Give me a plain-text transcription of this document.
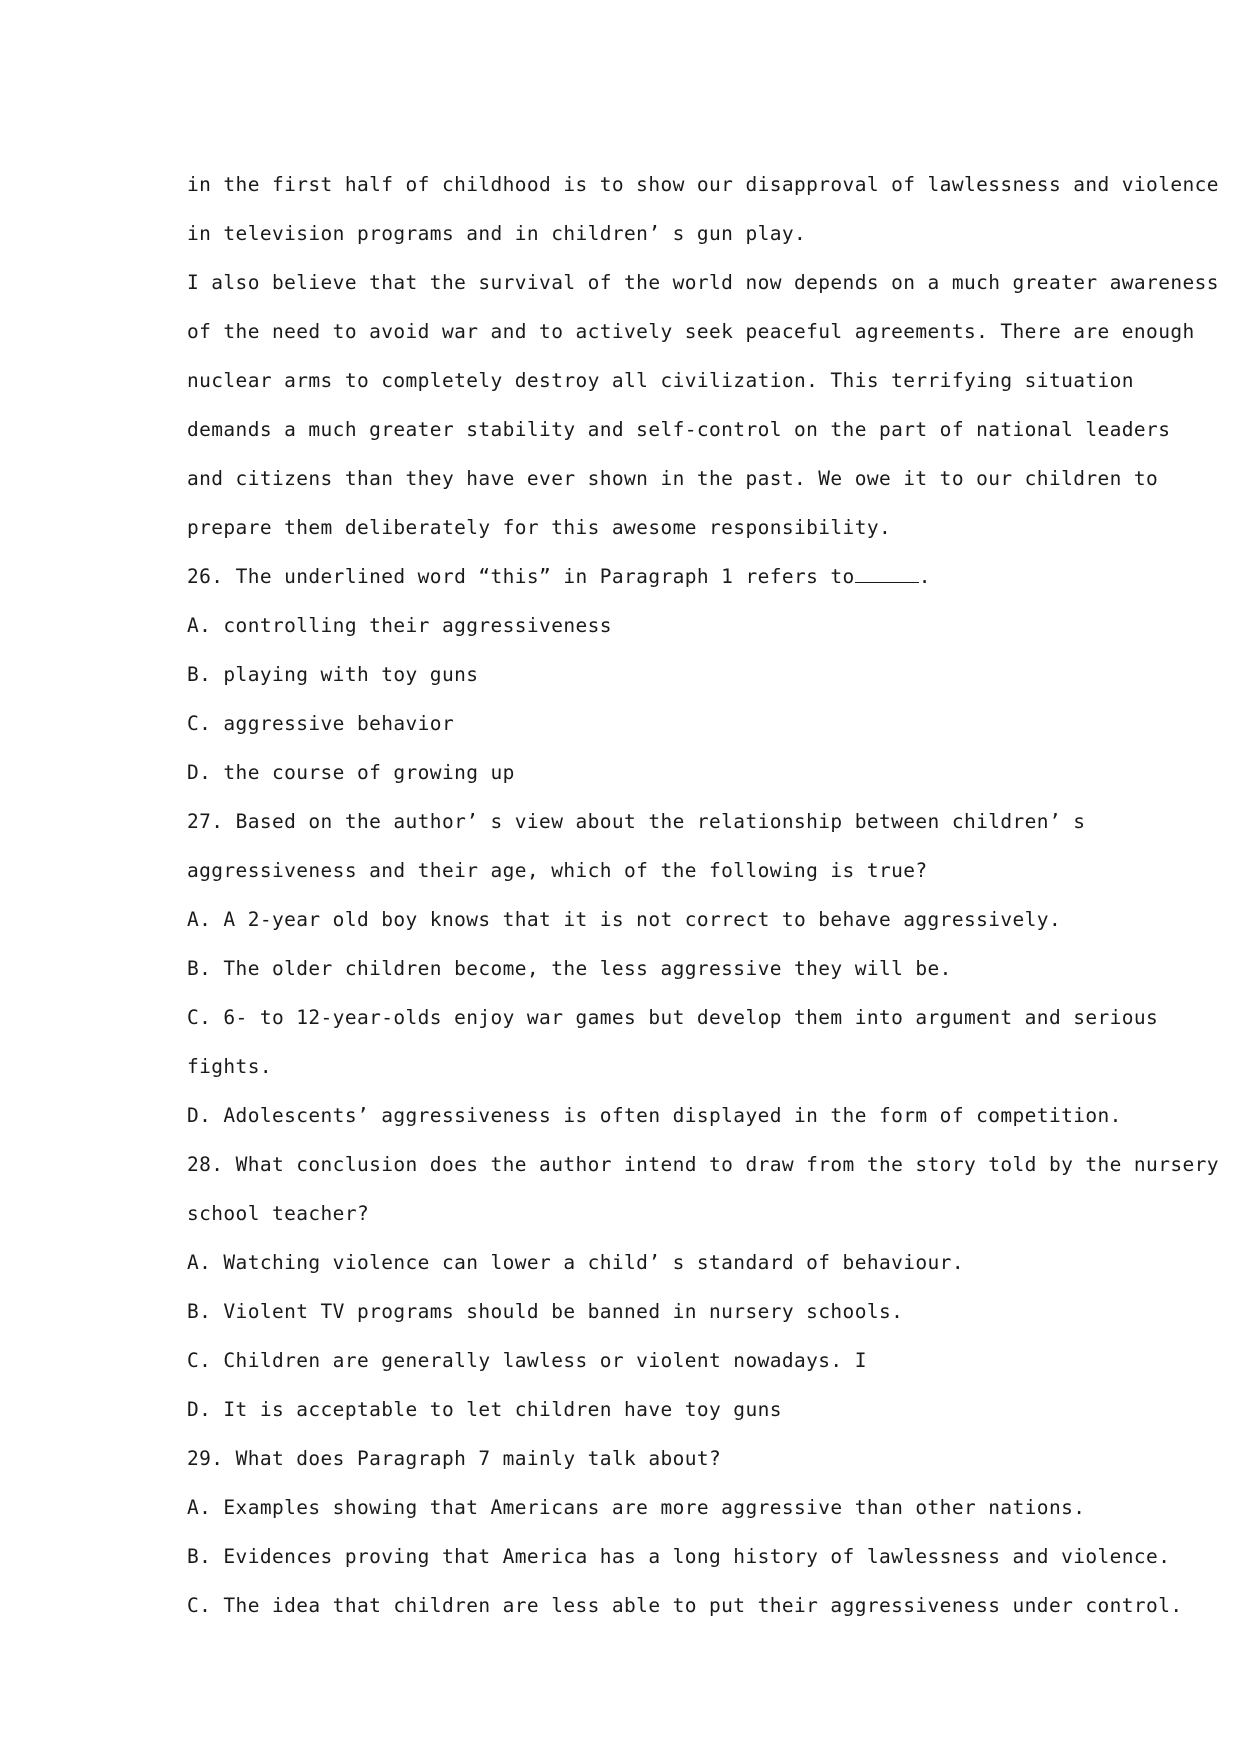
in the first half of childhood is to show our disapproval of lawlessness and violence
in television programs and in children’ s gun play.
I also believe that the survival of the world now depends on a much greater awareness
of the need to avoid war and to actively seek peaceful agreements. There are enough
nuclear arms to completely destroy all civilization. This terrifying situation
demands a much greater stability and self-control on the part of national leaders
and citizens than they have ever shown in the past. We owe it to our children to
prepare them deliberately for this awesome responsibility.
26. The underlined word “this” in Paragraph 1 refers to	.
A. controlling their aggressiveness
B. playing with toy guns
C. aggressive behavior
D. the course of growing up
27. Based on the author’ s view about the relationship between children’ s
aggressiveness and their age, which of the following is true?
A. A 2-year old boy knows that it is not correct to behave aggressively.
B. The older children become, the less aggressive they will be.
C. 6- to 12-year-olds enjoy war games but develop them into argument and serious
fights.
D. Adolescents’ aggressiveness is often displayed in the form of competition.
28. What conclusion does the author intend to draw from the story told by the nursery
school teacher?
A. Watching violence can lower a child’ s standard of behaviour.
B. Violent TV programs should be banned in nursery schools.
C. Children are generally lawless or violent nowadays. I
D. It is acceptable to let children have toy guns
29. What does Paragraph 7 mainly talk about?
A. Examples showing that Americans are more aggressive than other nations.
B. Evidences proving that America has a long history of lawlessness and violence.
C. The idea that children are less able to put their aggressiveness under control.
